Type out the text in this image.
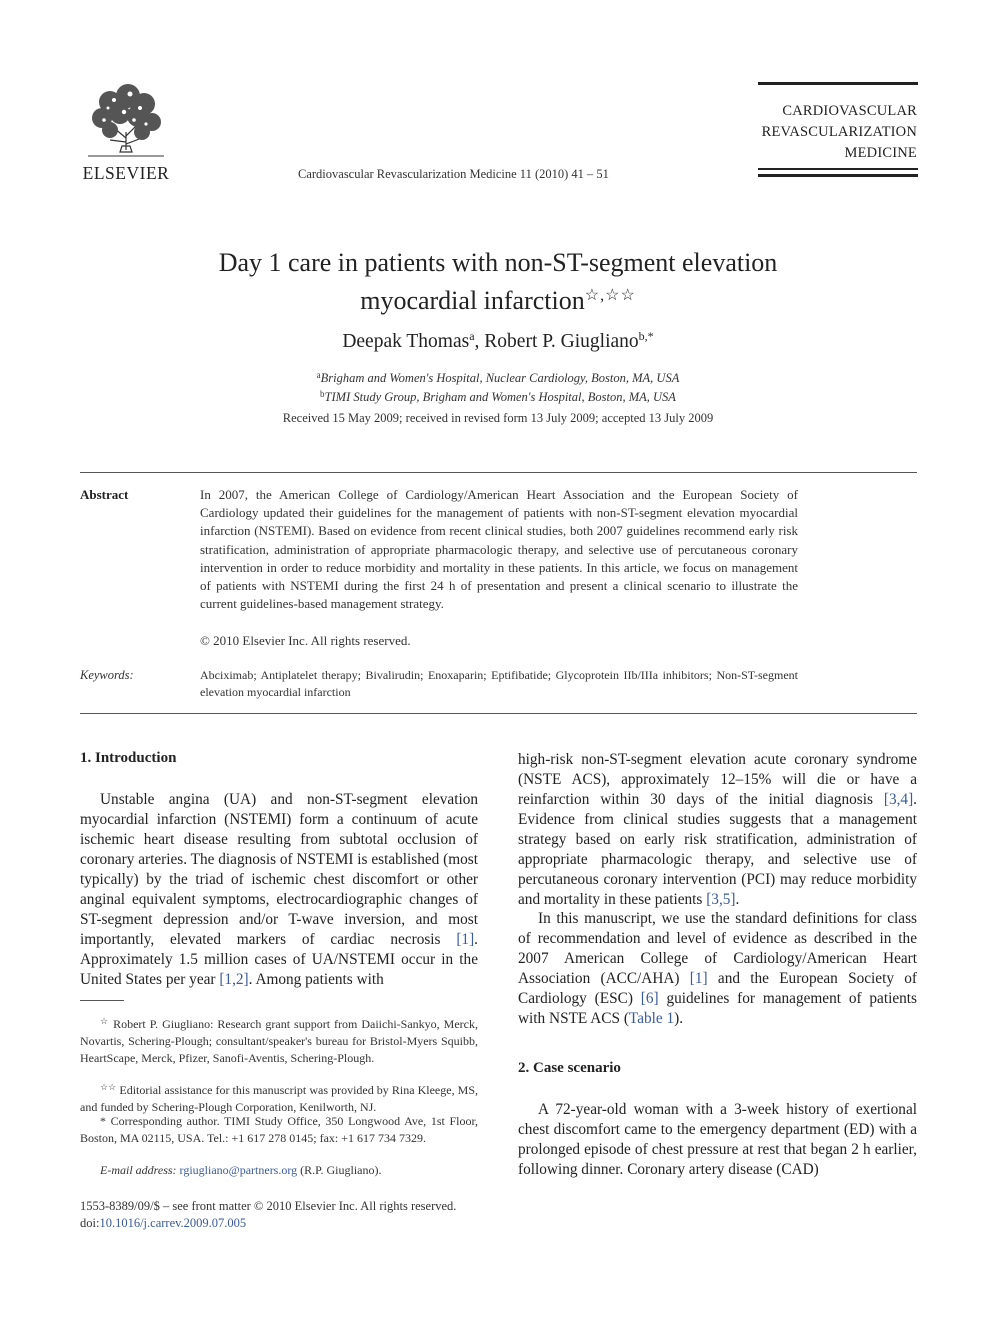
ELSEVIER	Cardiovascular Revascularization Medicine 11 (2010) 41 – 51
CARDIOVASCULAR
REVASCULARIZATION
MEDICINE
Day 1 care in patients with non-ST-segment elevation
myocardial infarction☆,☆☆
Deepak Thomas$^a$, Robert P. Giugliano$^{b,*}$
$^a$Brigham and Women's Hospital, Nuclear Cardiology, Boston, MA, USA
$^b$TIMI Study Group, Brigham and Women's Hospital, Boston, MA, USA
Received 15 May 2009; received in revised form 13 July 2009; accepted 13 July 2009
Abstract	In 2007, the American College of Cardiology/American Heart Association and the European Society of Cardiology updated their guidelines for the management of patients with non-ST-segment elevation myocardial infarction (NSTEMI). Based on evidence from recent clinical studies, both 2007 guidelines recommend early risk stratification, administration of appropriate pharmacologic therapy, and selective use of percutaneous coronary intervention in order to reduce morbidity and mortality in these patients. In this article, we focus on management of patients with NSTEMI during the first 24 h of presentation and present a clinical scenario to illustrate the current guidelines-based management strategy.
© 2010 Elsevier Inc. All rights reserved.
Keywords:	Abciximab; Antiplatelet therapy; Bivalirudin; Enoxaparin; Eptifibatide; Glycoprotein IIb/IIIa inhibitors; Non-ST-segment elevation myocardial infarction
1. Introduction
Unstable angina (UA) and non-ST-segment elevation myocardial infarction (NSTEMI) form a continuum of acute ischemic heart disease resulting from subtotal occlusion of coronary arteries. The diagnosis of NSTEMI is established (most typically) by the triad of ischemic chest discomfort or other anginal equivalent symptoms, electrocardiographic changes of ST-segment depression and/or T-wave inversion, and most importantly, elevated markers of cardiac necrosis [1]. Approximately 1.5 million cases of UA/NSTEMI occur in the United States per year [1,2]. Among patients with
☆ Robert P. Giugliano: Research grant support from Daiichi-Sankyo, Merck, Novartis, Schering-Plough; consultant/speaker's bureau for Bristol-Myers Squibb, HeartScape, Merck, Pfizer, Sanofi-Aventis, Schering-Plough.
☆☆ Editorial assistance for this manuscript was provided by Rina Kleege, MS, and funded by Schering-Plough Corporation, Kenilworth, NJ.
* Corresponding author. TIMI Study Office, 350 Longwood Ave, 1st Floor, Boston, MA 02115, USA. Tel.: +1 617 278 0145; fax: +1 617 734 7329.
E-mail address: rgiugliano@partners.org (R.P. Giugliano).
1553-8389/09/$ – see front matter © 2010 Elsevier Inc. All rights reserved.
doi:10.1016/j.carrev.2009.07.005
high-risk non-ST-segment elevation acute coronary syndrome (NSTE ACS), approximately 12–15% will die or have a reinfarction within 30 days of the initial diagnosis [3,4]. Evidence from clinical studies suggests that a management strategy based on early risk stratification, administration of appropriate pharmacologic therapy, and selective use of percutaneous coronary intervention (PCI) may reduce morbidity and mortality in these patients [3,5].
In this manuscript, we use the standard definitions for class of recommendation and level of evidence as described in the 2007 American College of Cardiology/American Heart Association (ACC/AHA) [1] and the European Society of Cardiology (ESC) [6] guidelines for management of patients with NSTE ACS (Table 1).
2. Case scenario
A 72-year-old woman with a 3-week history of exertional chest discomfort came to the emergency department (ED) with a prolonged episode of chest pressure at rest that began 2 h earlier, following dinner. Coronary artery disease (CAD)
